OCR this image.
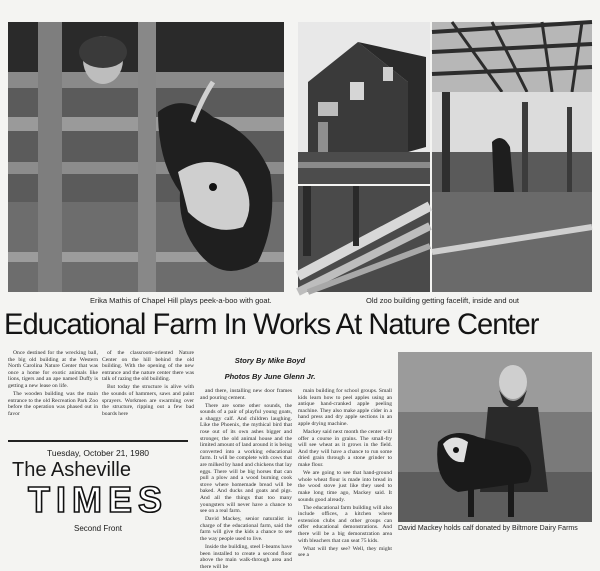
Erika Mathis of Chapel Hill plays peek-a-boo with goat.	Old zoo building getting facelift, inside and out
Educational Farm In Works At Nature Center

Once destined for the wrecking ball, the big old building at the Western North Carolina Nature Center that was once a home for exotic animals like lions, tigers and an ape named Duffy is getting a new lease on life.

The wooden building was the main entrance to the old Recreation Park Zoo before the operation was phased out in favor

of the classroom-oriented Nature Center on the hill behind the old building. With the opening of the new entrance and the nature center there was talk of razing the old building.

But today the structure is alive with the sounds of hammers, saws and paint sprayers. Workmen are swarming over the structure, ripping out a few bad boards here

Story By Mike Boyd
Photos By June Glenn Jr.

and there, installing new door frames and pouring cement.

There are some other sounds, the sounds of a pair of playful young goats, a shaggy calf. And children laughing. Like the Phoenix, the mythical bird that rose out of its own ashes bigger and stronger, the old animal house and the limited amount of land around it is being converted into a working educational farm. It will be complete with cows that are milked by hand and chickens that lay eggs. There will be big horses that can pull a plow and a wood burning cook stove where homemade bread will be baked. And ducks and goats and pigs. And all the things that too many youngsters will never have a chance to see on a real farm.

David Mackey, senior naturalist in charge of the educational farm, said the farm will give the kids a chance to see the way people used to live.

Inside the building, steel I-beams have been installed to create a second floor above the main walk-through area and there will be

main building for school groups. Small kids learn how to peel apples using an antique hand-cranked apple peeling machine. They also make apple cider in a hand press and dry apple sections in an apple drying machine.

Mackey said next month the center will offer a course in grains. The small-fry will see wheat as it grows in the field. And they will have a chance to run some dried grain through a stone grinder to make flour.

We are going to see that hand-ground whole wheat flour is made into bread in the wood stove just like they used to make long time ago, Mackey said. It sounds good already.

The educational farm building will also include offices, a kitchen where extension clubs and other groups can offer educational demonstrations. And there will be a big demonstration area with bleachers that can seat 75 kids.

What will they see? Well, they might see a

David Mackey holds calf donated by Biltmore Dairy Farms
Tuesday, October 21, 1980
The Asheville
TIMES
Second Front
